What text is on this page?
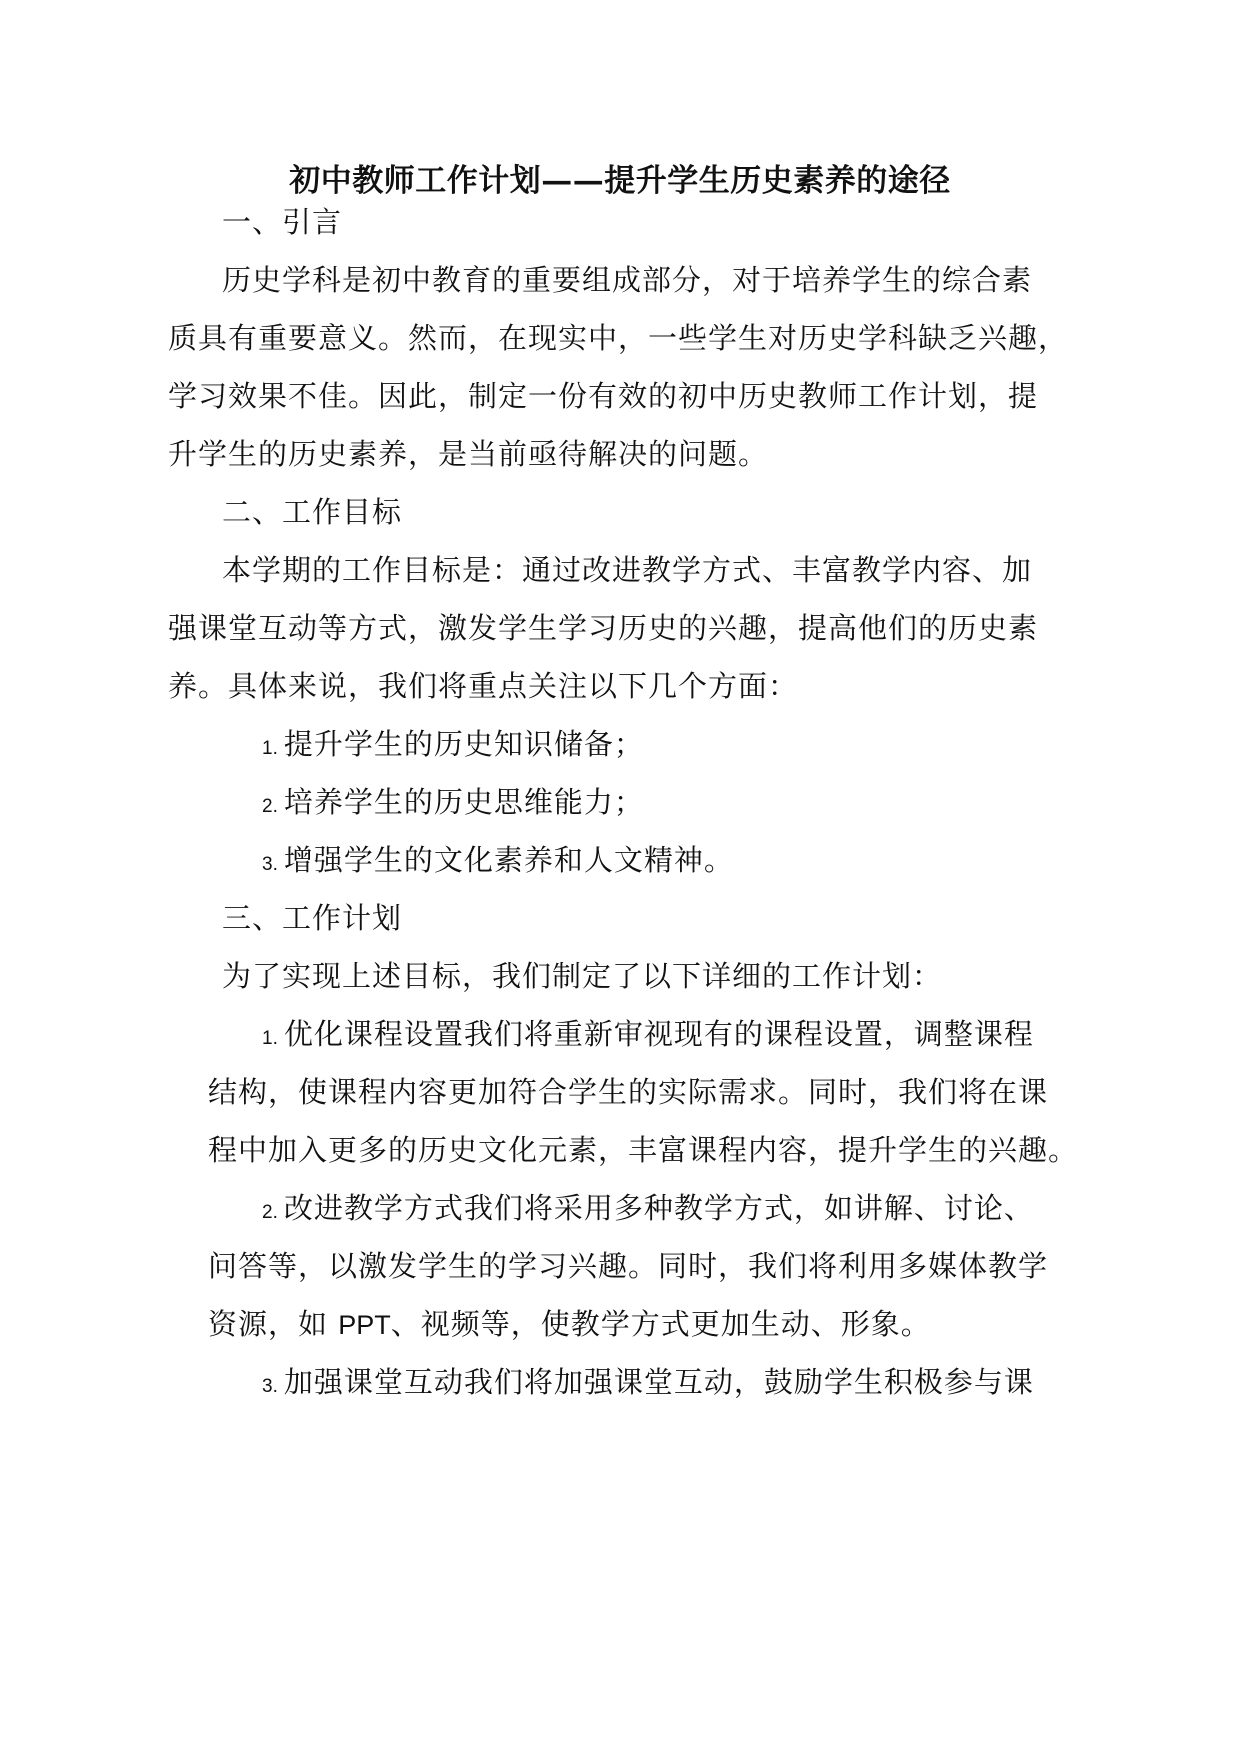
初中教师工作计划——提升学生历史素养的途径
一、引言
历史学科是初中教育的重要组成部分，对于培养学生的综合素
质具有重要意义。然而，在现实中，一些学生对历史学科缺乏兴趣，
学习效果不佳。因此，制定一份有效的初中历史教师工作计划，提
升学生的历史素养，是当前亟待解决的问题。
二、工作目标
本学期的工作目标是：通过改进教学方式、丰富教学内容、加
强课堂互动等方式，激发学生学习历史的兴趣，提高他们的历史素
养。具体来说，我们将重点关注以下几个方面：
1. 提升学生的历史知识储备；
2. 培养学生的历史思维能力；
3. 增强学生的文化素养和人文精神。
三、工作计划
为了实现上述目标，我们制定了以下详细的工作计划：
1. 优化课程设置我们将重新审视现有的课程设置，调整课程
结构，使课程内容更加符合学生的实际需求。同时，我们将在课
程中加入更多的历史文化元素，丰富课程内容，提升学生的兴趣。
2. 改进教学方式我们将采用多种教学方式，如讲解、讨论、
问答等，以激发学生的学习兴趣。同时，我们将利用多媒体教学
资源，如 PPT、视频等，使教学方式更加生动、形象。
3. 加强课堂互动我们将加强课堂互动，鼓励学生积极参与课
